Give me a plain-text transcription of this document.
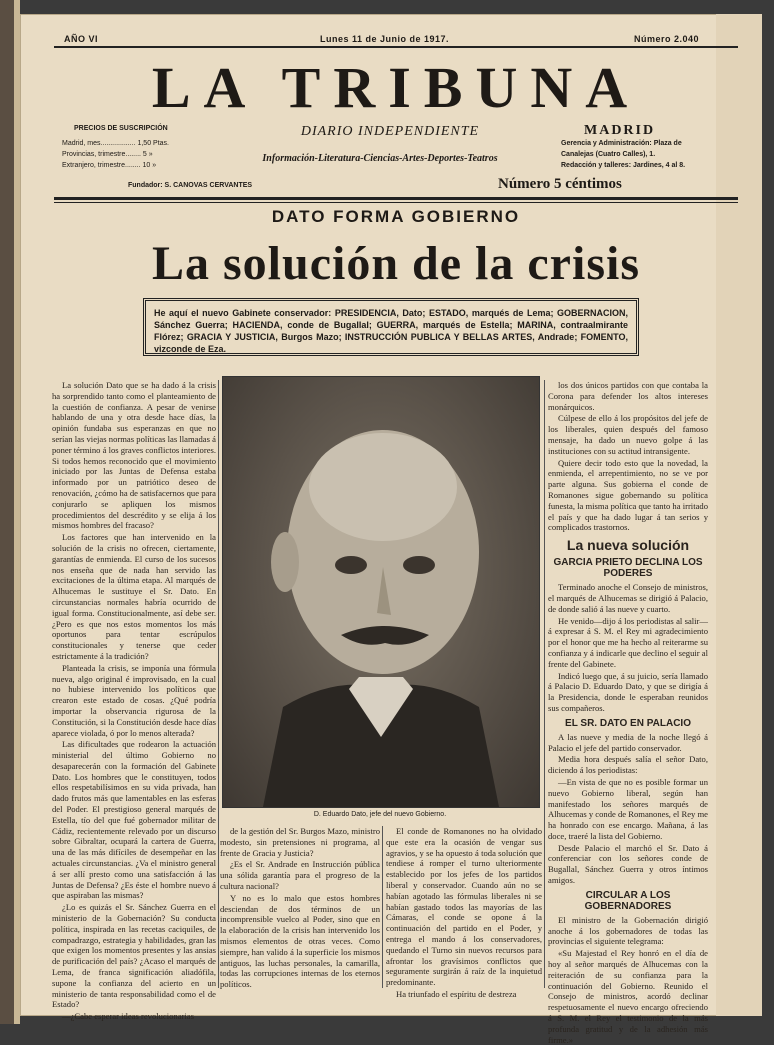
AÑO VI	Lunes 11 de Junio de 1917.	Número 2.040
LA TRIBUNA
PRECIOS DE SUSCRIPCIÓN
Madrid, mes.................. 1,50 Ptas.
Provincias, trimestre........ 5 »
Extranjero, trimestre........ 10 »
DIARIO INDEPENDIENTE
Información-Literatura-Ciencias-Artes-Deportes-Teatros
MADRID
Gerencia y Administración: Plaza de
Canalejas (Cuatro Calles), 1.
Redacción y talleres: Jardines, 4 al 8.
Fundador: S. CANOVAS CERVANTES	Número 5 céntimos
DATO FORMA GOBIERNO
La solución de la crisis
He aquí el nuevo Gabinete conservador: PRESIDENCIA, Dato; ESTADO, marqués de Lema; GOBERNACION, Sánchez Guerra; HACIENDA, conde de Bugallal; GUERRA, marqués de Estella; MARINA, contraalmirante Flórez; GRACIA Y JUSTICIA, Burgos Mazo; INSTRUCCIÓN PUBLICA Y BELLAS ARTES, Andrade; FOMENTO, vizconde de Eza.

La solución Dato que se ha dado á la crisis ha sorprendido tanto como el planteamiento de la cuestión de confianza. A pesar de venirse hablando de una y otra desde hace días, la opinión fundaba sus esperanzas en que no serían las viejas normas políticas las llamadas á poner término á los graves conflictos interiores. Si todos hemos reconocido que el movimiento iniciado por las Juntas de Defensa estaba informado por un patriótico deseo de renovación, ¿cómo ha de satisfacernos que para conjurarlo se apliquen los mismos procedimientos del descrédito y se elija á los mismos hombres del fracaso?

Los factores que han intervenido en la solución de la crisis no ofrecen, ciertamente, garantías de enmienda. El curso de los sucesos nos enseña que de nada han servido las excitaciones de la última etapa. Al marqués de Alhucemas le sustituye el Sr. Dato. En circunstancias normales habría ocurrido de igual forma. Constitucionalmente, así debe ser. ¿Pero es que nos estos momentos los más oportunos para tentar escrúpulos constitucionales y tenerse que ceder estrictamente á la tradición?

Planteada la crisis, se imponía una fórmula nueva, algo original é improvisado, en la cual no hubiese intervenido los políticos que crearon este estado de cosas. ¿Qué podría importar la observancia rigurosa de la Constitución, si la Constitución desde hace días aparece violada, ó por lo menos alterada?

Las dificultades que rodearon la actuación ministerial del último Gobierno no desaparecerán con la formación del Gabinete Dato. Los hombres que le constituyen, todos ellos respetabilísimos en su vida privada, han dado frutos más que lamentables en las esferas del Poder. El prestigioso general marqués de Estella, tío del que fué gobernador militar de Cádiz, recientemente relevado por un discurso sobre Gibraltar, ocupará la cartera de Guerra, una de las más difíciles de desempeñar en las actuales circunstancias. ¿Va el ministro general á ser allí presto como una satisfacción á las Juntas de Defensa? ¿Es éste el hombre nuevo á que aspiraban las mismas?

¿Lo es quizás el Sr. Sánchez Guerra en el ministerio de la Gobernación? Su conducta política, inspirada en las recetas caciquiles, de compadrazgo, estrategia y habilidades, gran las que exigen los momentos presentes y las ansias de purificación del país? ¿Acaso el marqués de Lema, de franca significación aliadófila, supone la confianza del acierto en un ministerio de tanta responsabilidad como el de Estado?

—¿Cabe esperar ideas revolucionarias

D. Eduardo Dato, jefe del nuevo Gobierno.

de la gestión del Sr. Burgos Mazo, ministro modesto, sin pretensiones ni programa, al frente de Gracia y Justicia?

¿Es el Sr. Andrade en Instrucción pública una sólida garantía para el progreso de la cultura nacional?

Y no es lo malo que estos hombres desciendan de dos términos de un incomprensible vuelco al Poder, sino que en la elaboración de la crisis han intervenido los mismos elementos de otras veces. Como siempre, han valido á la superficie los mismos antiguos, las luchas personales, la camarilla, todas las corrupciones internas de los eternos políticos.

El conde de Romanones no ha olvidado que este era la ocasión de vengar sus agravios, y se ha opuesto á toda solución que tendiese á romper el turno ulteriormente establecido por los jefes de los partidos liberal y conservador. Cuando aún no se habían agotado las fórmulas liberales ni se habían gastado todos las mayorías de las Cámaras, el conde se opone á la continuación del partido en el Poder, y entrega el mando á los conservadores, quedando el Turno sin nuevos recursos para afrontar los gravísimos conflictos que seguramente surgirán á raíz de la inquietud predominante.

Ha triunfado el espíritu de destreza

los dos únicos partidos con que contaba la Corona para defender los altos intereses monárquicos.

Cúlpese de ello á los propósitos del jefe de los liberales, quien después del famoso mensaje, ha dado un nuevo golpe á las instituciones con su actitud intransigente.

Quiere decir todo esto que la novedad, la enmienda, el arrepentimiento, no se ve por parte alguna. Sus gobierna el conde de Romanones sigue gobernando su política funesta, la misma política que tanto ha irritado el país y que ha dado lugar á tan serios y complicados trastornos.

La nueva solución
GARCIA PRIETO DECLINA LOS PODERES

Terminado anoche el Consejo de ministros, el marqués de Alhucemas se dirigió á Palacio, de donde salió á las nueve y cuarto.

He venido—dijo á los periodistas al salir—á expresar á S. M. el Rey mi agradecimiento por el honor que me ha hecho al reiterarme su confianza y á indicarle que declino el seguir al frente del Gabinete.

Indicó luego que, á su juicio, sería llamado á Palacio D. Eduardo Dato, y que se dirigía á la Presidencia, donde le esperaban reunidos sus compañeros.

EL SR. DATO EN PALACIO

A las nueve y media de la noche llegó á Palacio el jefe del partido conservador.

Media hora después salía el señor Dato, diciendo á los periodistas:

—En vista de que no es posible formar un nuevo Gobierno liberal, según han manifestado los señores marqués de Alhucemas y conde de Romanones, el Rey me ha honrado con ese encargo. Mañana, á las doce, traeré la lista del Gobierno.

Desde Palacio el marchó el Sr. Dato á conferenciar con los señores conde de Bugallal, Sánchez Guerra y otros íntimos amigos.

CIRCULAR A LOS GOBERNADORES

El ministro de la Gobernación dirigió anoche á los gobernadores de todas las provincias el siguiente telegrama:

«Su Majestad el Rey honró en el día de hoy al señor marqués de Alhucemas con la reiteración de su confianza para la continuación del Gobierno. Reunido el Consejo de ministros, acordó declinar respetuosamente el nuevo encargo ofreciendo á S. M. el Rey el testimonio de la más profunda gratitud y de la adhesión más firme.»
